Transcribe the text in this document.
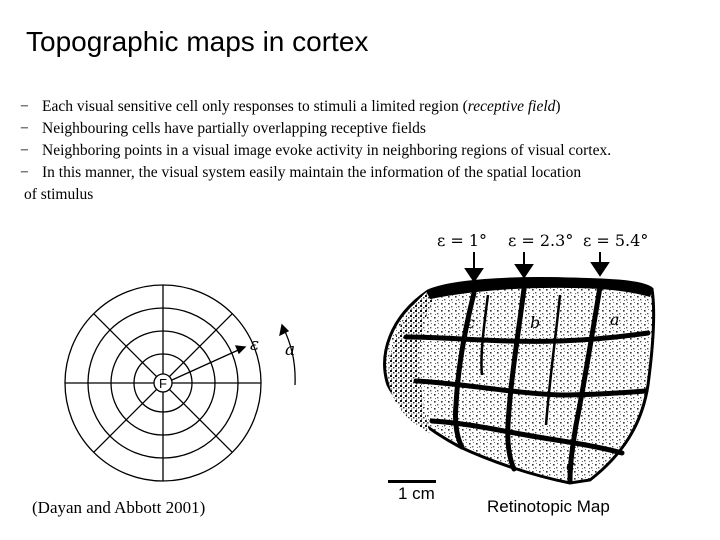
Topographic maps in cortex
− Each visual sensitive cell only responses to stimuli a limited region (receptive field)
− Neighbouring cells have partially overlapping receptive fields
− Neighboring points in a visual image evoke activity in neighboring regions of visual cortex.
− In this manner, the visual system easily maintain the information of the spatial location
of stimulus
F
ε a
ε = 1° ε = 2.3° ε = 5.4°
c	b	a
c
1 cm
(Dayan and Abbott 2001)	Retinotopic Map
